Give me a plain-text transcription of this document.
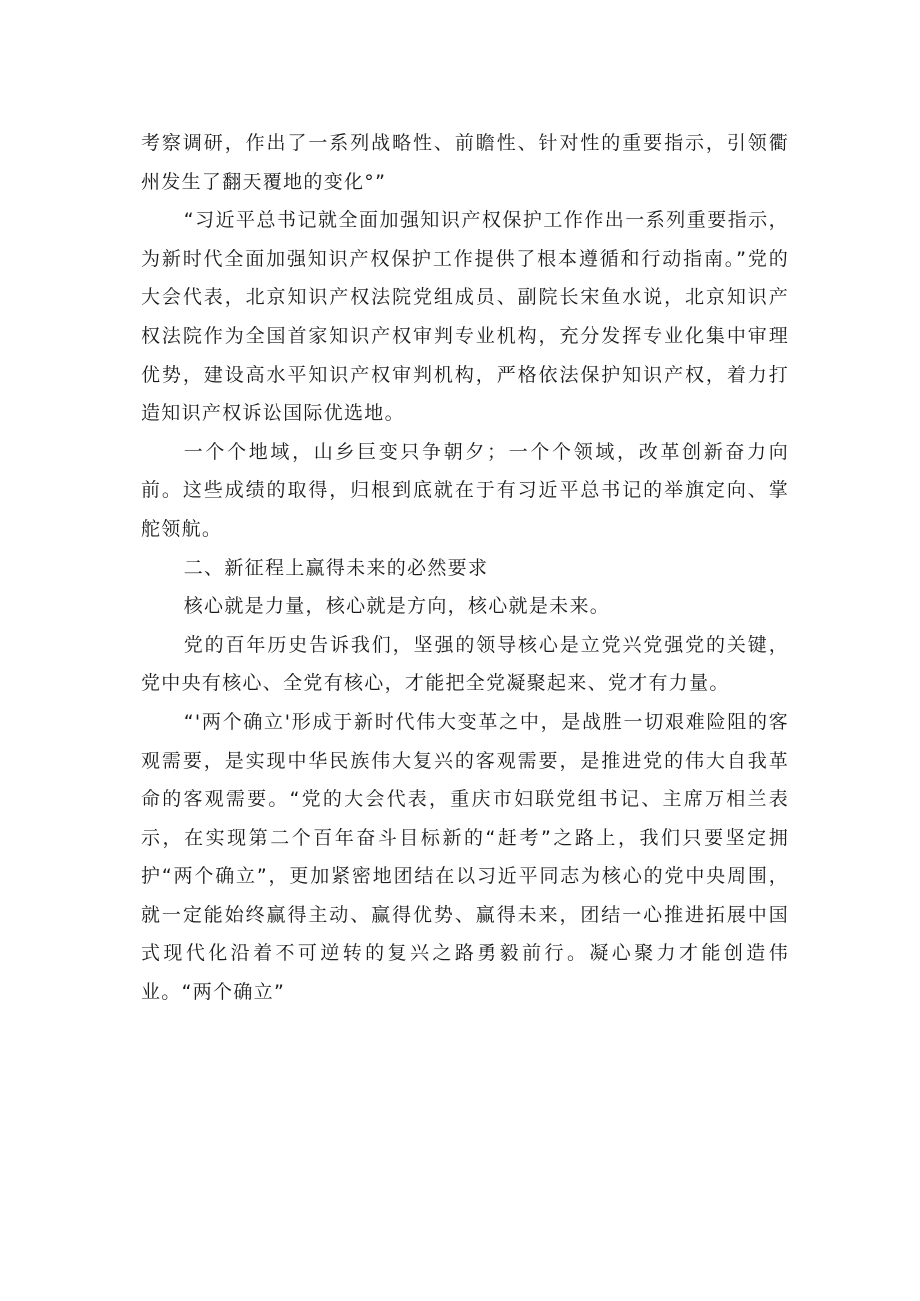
考察调研，作出了一系列战略性、前瞻性、针对性的重要指示，引领衢州发生了翻天覆地的变化°”

“习近平总书记就全面加强知识产权保护工作作出一系列重要指示，为新时代全面加强知识产权保护工作提供了根本遵循和行动指南。”党的大会代表，北京知识产权法院党组成员、副院长宋鱼水说，北京知识产权法院作为全国首家知识产权审判专业机构，充分发挥专业化集中审理优势，建设高水平知识产权审判机构，严格依法保护知识产权，着力打造知识产权诉讼国际优选地。

一个个地域，山乡巨变只争朝夕；一个个领域，改革创新奋力向前。这些成绩的取得，归根到底就在于有习近平总书记的举旗定向、掌舵领航。

二、新征程上赢得未来的必然要求

核心就是力量，核心就是方向，核心就是未来。

党的百年历史告诉我们，坚强的领导核心是立党兴党强党的关键，党中央有核心、全党有核心，才能把全党凝聚起来、党才有力量。

“'两个确立'形成于新时代伟大变革之中，是战胜一切艰难险阻的客观需要，是实现中华民族伟大复兴的客观需要，是推进党的伟大自我革命的客观需要。“党的大会代表，重庆市妇联党组书记、主席万相兰表示，在实现第二个百年奋斗目标新的“赶考”之路上，我们只要坚定拥护“两个确立”，更加紧密地团结在以习近平同志为核心的党中央周围，就一定能始终赢得主动、赢得优势、赢得未来，团结一心推进拓展中国式现代化沿着不可逆转的复兴之路勇毅前行。凝心聚力才能创造伟业。“两个确立”
